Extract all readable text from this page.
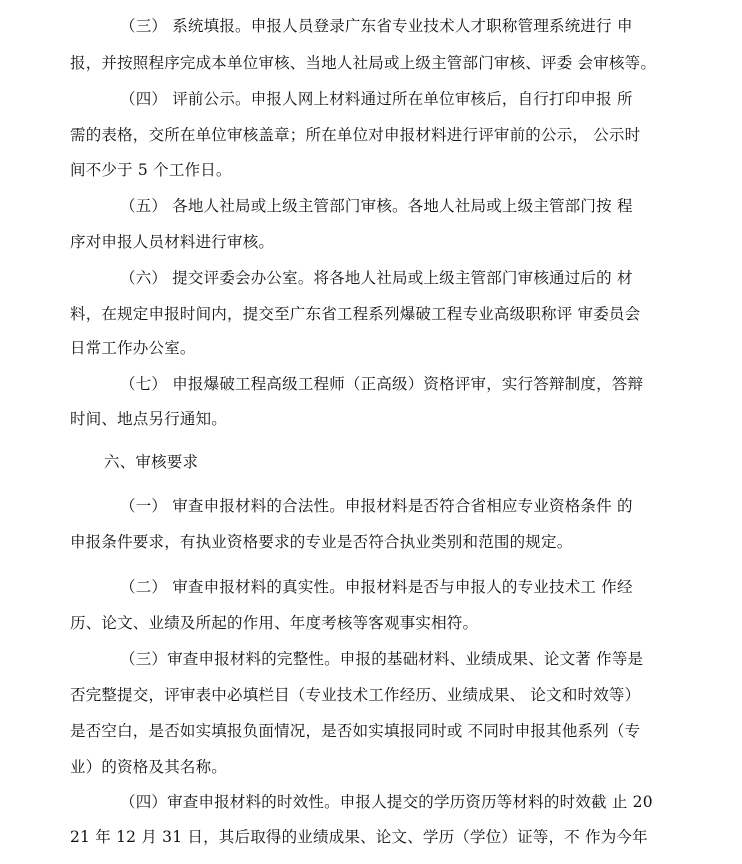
（三） 系统填报。申报人员登录广东省专业技术人才职称管理系统进行 申
报，并按照程序完成本单位审核、当地人社局或上级主管部门审核、评委 会审核等。
（四） 评前公示。申报人网上材料通过所在单位审核后，自行打印申报 所
需的表格，交所在单位审核盖章；所在单位对申报材料进行评审前的公示， 公示时
间不少于 5 个工作日。
（五） 各地人社局或上级主管部门审核。各地人社局或上级主管部门按 程
序对申报人员材料进行审核。
（六） 提交评委会办公室。将各地人社局或上级主管部门审核通过后的 材
料，在规定申报时间内，提交至广东省工程系列爆破工程专业高级职称评 审委员会
日常工作办公室。
（七） 申报爆破工程高级工程师（正高级）资格评审，实行答辩制度，答辩
时间、地点另行通知。
六、审核要求
（一） 审查申报材料的合法性。申报材料是否符合省相应专业资格条件 的
申报条件要求，有执业资格要求的专业是否符合执业类别和范围的规定。
（二） 审查申报材料的真实性。申报材料是否与申报人的专业技术工 作经
历、论文、业绩及所起的作用、年度考核等客观事实相符。
（三）审查申报材料的完整性。申报的基础材料、业绩成果、论文著 作等是
否完整提交，评审表中必填栏目（专业技术工作经历、业绩成果、 论文和时效等）
是否空白，是否如实填报负面情况，是否如实填报同时或 不同时申报其他系列（专
业）的资格及其名称。
（四）审查申报材料的时效性。申报人提交的学历资历等材料的时效截 止 20
21 年 12 月 31 日，其后取得的业绩成果、论文、学历（学位）证等，不 作为今年
